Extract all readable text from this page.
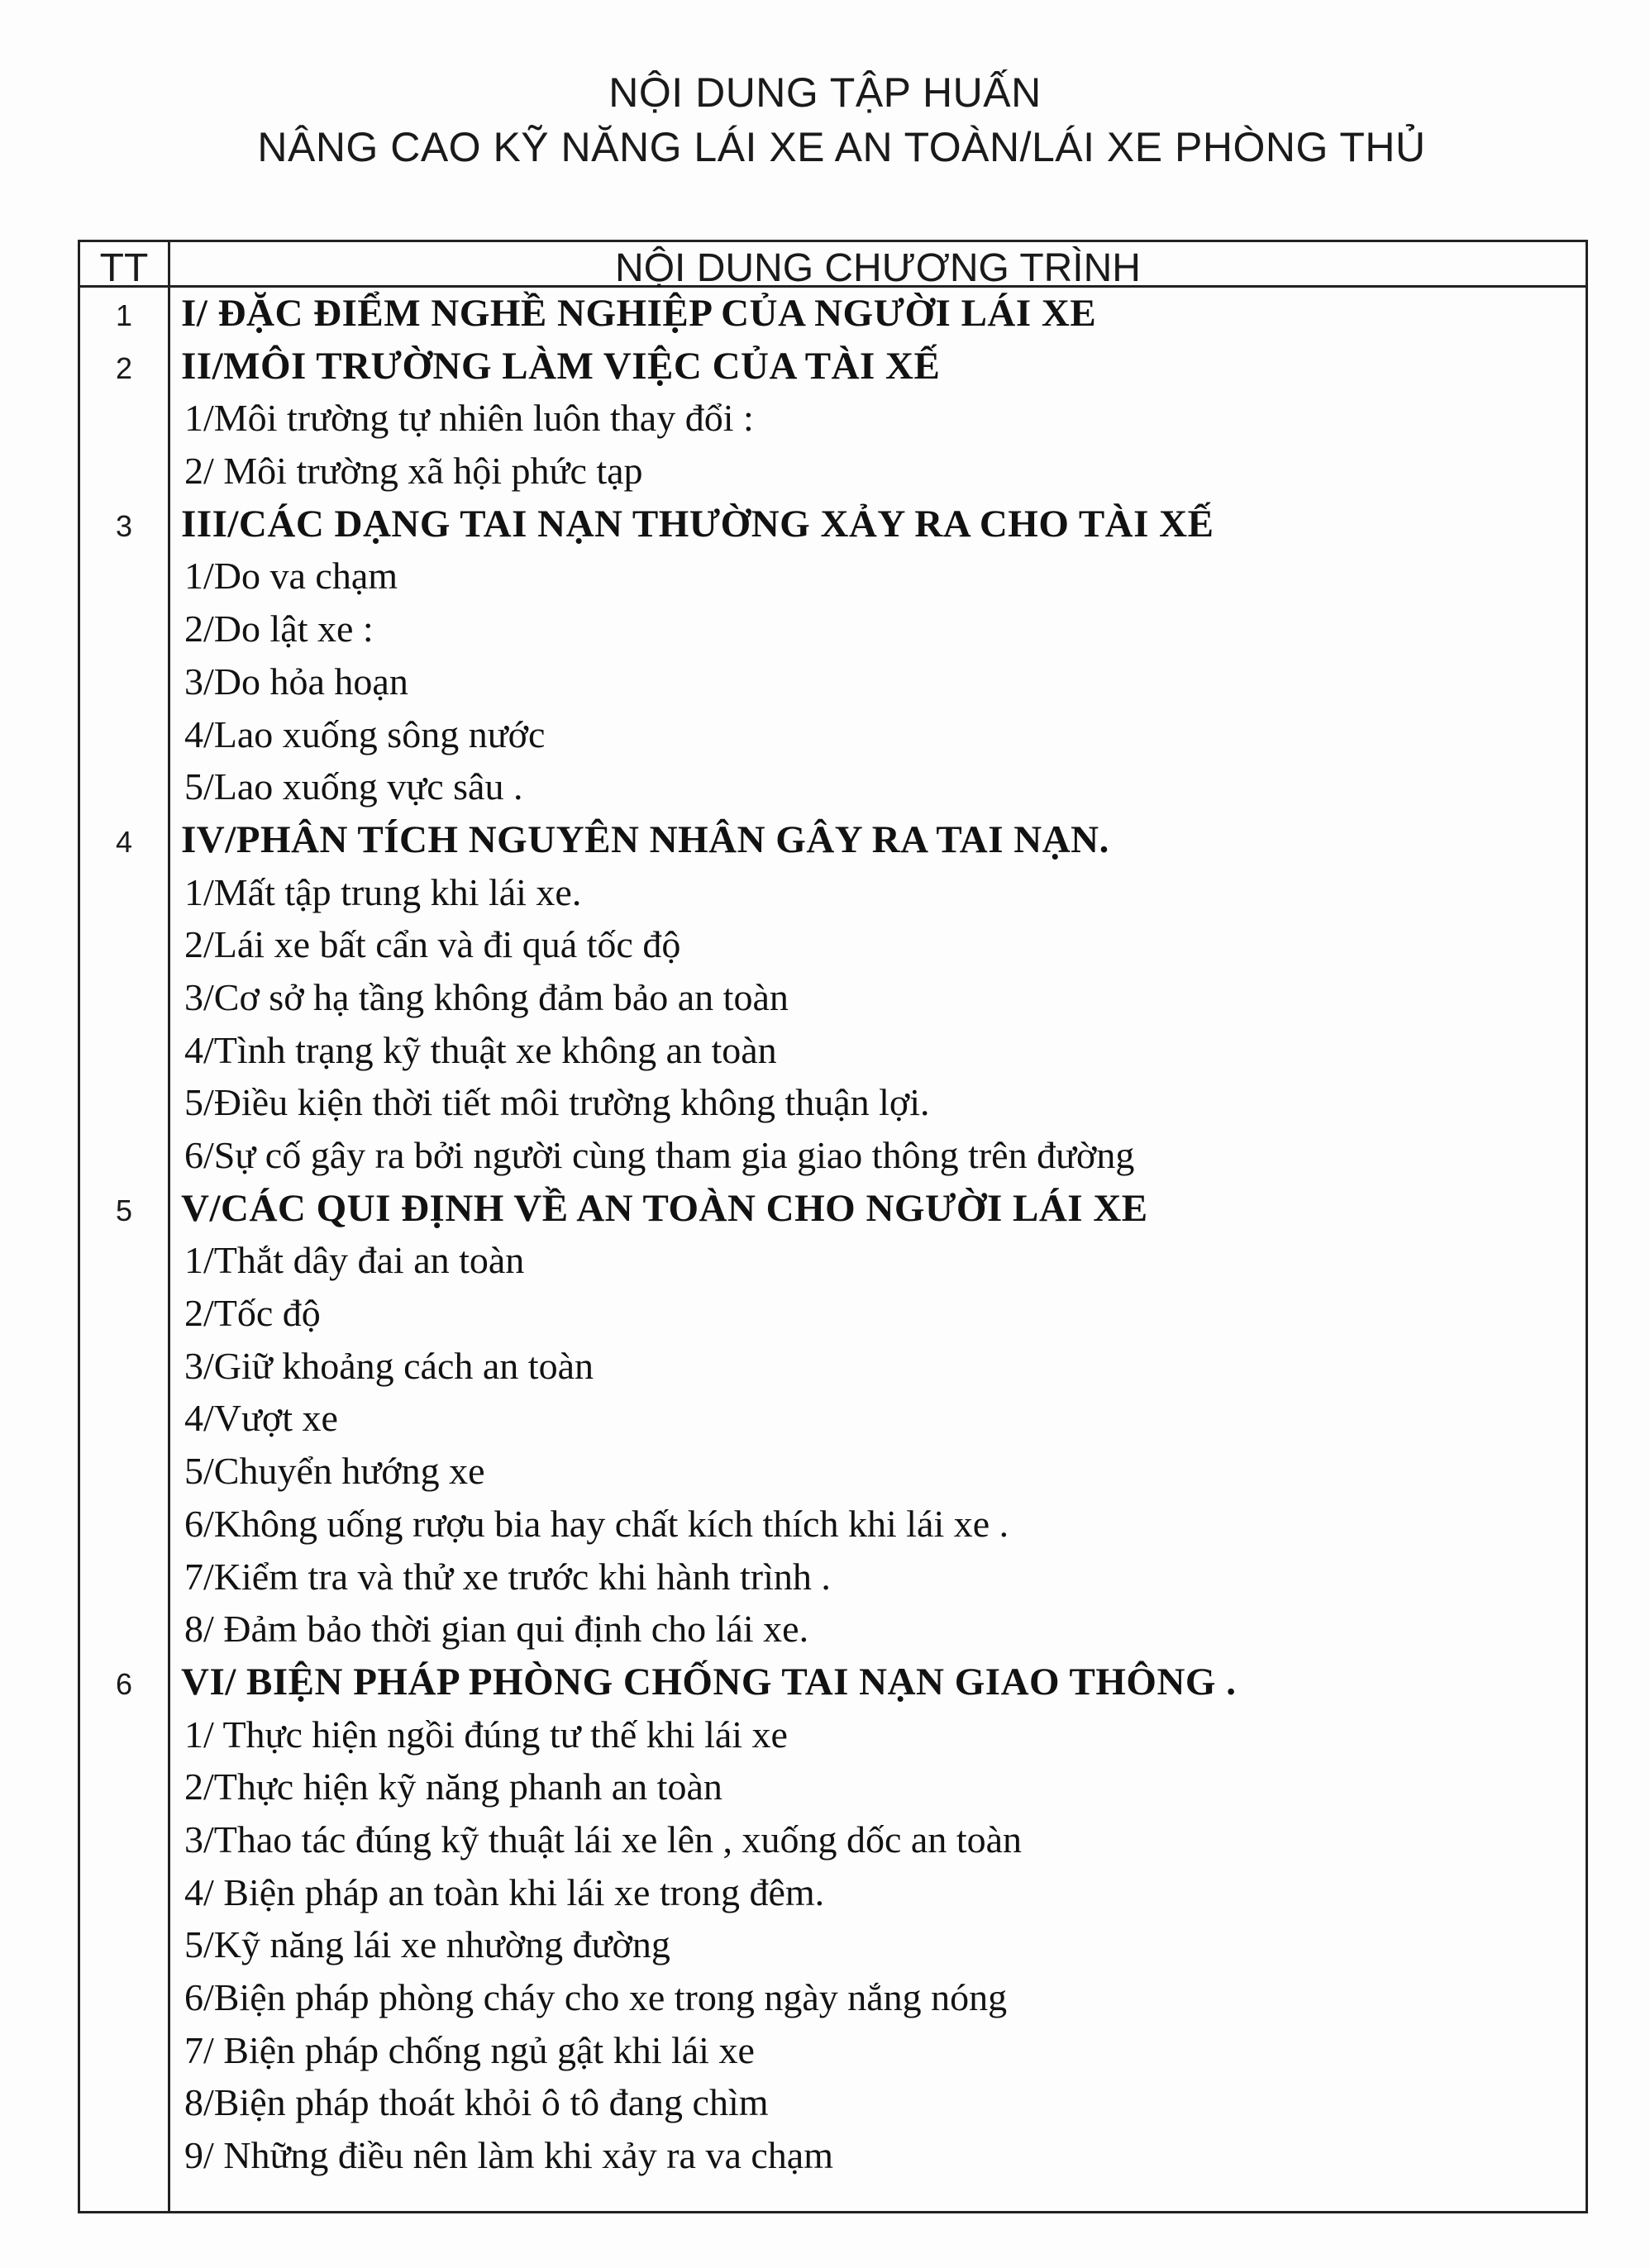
NỘI DUNG TẬP HUẤN
NÂNG CAO KỸ NĂNG LÁI XE AN TOÀN/LÁI XE PHÒNG THỦ
TT	NỘI DUNG CHƯƠNG TRÌNH
1	I/ ĐẶC ĐIỂM NGHỀ NGHIỆP CỦA NGƯỜI LÁI XE
2	II/MÔI TRƯỜNG LÀM VIỆC CỦA TÀI XẾ
1/Môi trường tự nhiên luôn thay đổi :
2/ Môi trường xã hội phức tạp
3	III/CÁC DẠNG TAI NẠN THƯỜNG XẢY RA CHO TÀI XẾ
1/Do va chạm
2/Do lật xe :
3/Do hỏa hoạn
4/Lao xuống sông nước
5/Lao xuống vực sâu .
4	IV/PHÂN TÍCH NGUYÊN NHÂN GÂY RA TAI NẠN.
1/Mất tập trung khi lái xe.
2/Lái xe bất cẩn và đi quá tốc độ
3/Cơ sở hạ tầng không đảm bảo an toàn
4/Tình trạng kỹ thuật xe không an toàn
5/Điều kiện thời tiết môi trường không thuận lợi.
6/Sự cố gây ra bởi người cùng tham gia giao thông trên đường
5	V/CÁC QUI ĐỊNH VỀ AN TOÀN CHO NGƯỜI LÁI XE
1/Thắt dây đai an toàn
2/Tốc độ
3/Giữ khoảng cách an toàn
4/Vượt xe
5/Chuyển hướng xe
6/Không uống rượu bia hay chất kích thích khi lái xe .
7/Kiểm tra và thử xe trước khi hành trình .
8/ Đảm bảo thời gian qui định cho lái xe.
6	VI/ BIỆN PHÁP PHÒNG CHỐNG TAI NẠN GIAO THÔNG .
1/ Thực hiện ngồi đúng tư thế khi lái xe
2/Thực hiện kỹ năng phanh an toàn
3/Thao tác đúng kỹ thuật lái xe lên , xuống dốc an toàn
4/ Biện pháp an toàn khi lái xe trong đêm.
5/Kỹ năng lái xe nhường đường
6/Biện pháp phòng cháy cho xe trong ngày nắng nóng
7/ Biện pháp chống ngủ gật khi lái xe
8/Biện pháp thoát khỏi ô tô đang chìm
9/ Những điều nên làm khi xảy ra va chạm
